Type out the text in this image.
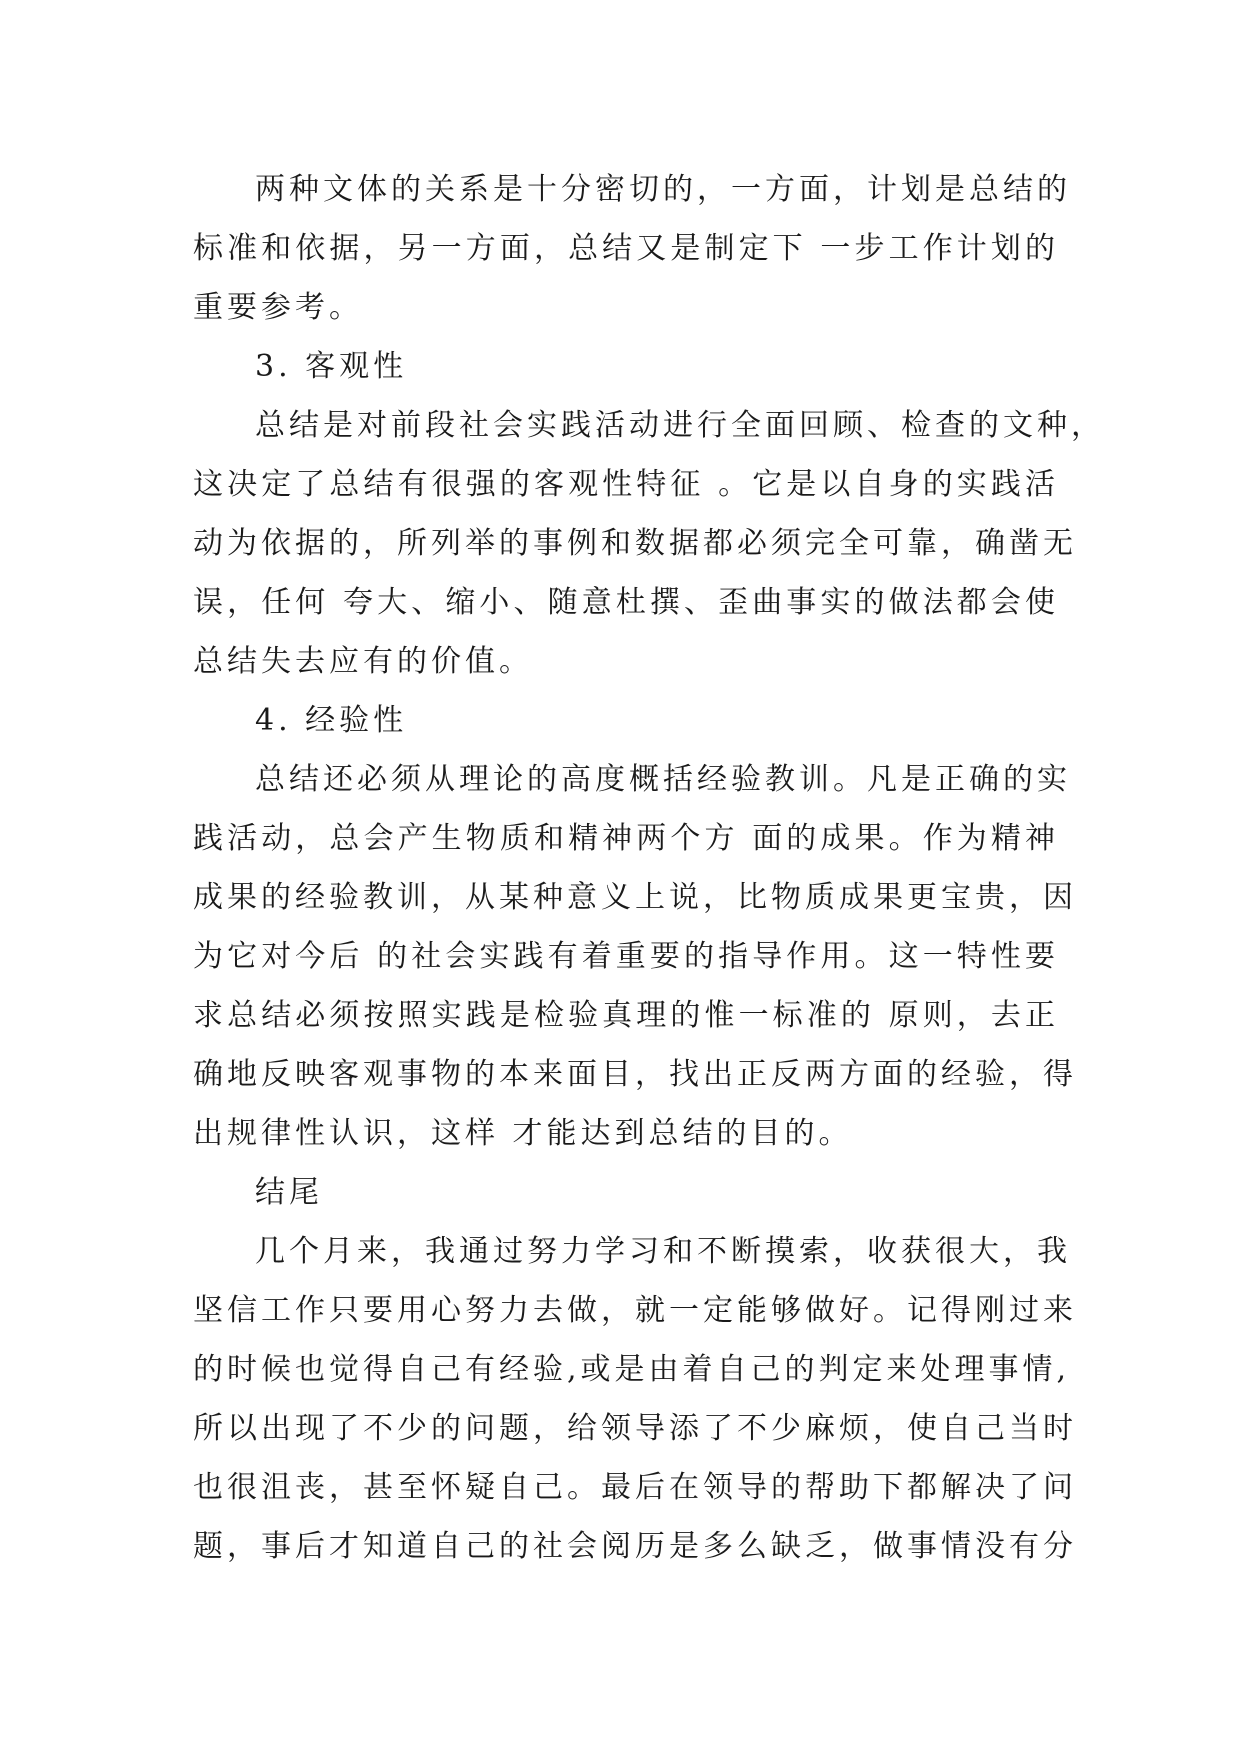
两种文体的关系是十分密切的，一方面，计划是总结的
标准和依据，另一方面，总结又是制定下 一步工作计划的
重要参考。
3. 客观性
总结是对前段社会实践活动进行全面回顾、检查的文种，
这决定了总结有很强的客观性特征 。它是以自身的实践活
动为依据的，所列举的事例和数据都必须完全可靠，确凿无
误，任何 夸大、缩小、随意杜撰、歪曲事实的做法都会使
总结失去应有的价值。
4. 经验性
总结还必须从理论的高度概括经验教训。凡是正确的实
践活动，总会产生物质和精神两个方 面的成果。作为精神
成果的经验教训，从某种意义上说，比物质成果更宝贵，因
为它对今后 的社会实践有着重要的指导作用。这一特性要
求总结必须按照实践是检验真理的惟一标准的 原则，去正
确地反映客观事物的本来面目，找出正反两方面的经验，得
出规律性认识，这样 才能达到总结的目的。
结尾
几个月来，我通过努力学习和不断摸索，收获很大，我
坚信工作只要用心努力去做，就一定能够做好。记得刚过来
的时候也觉得自己有经验,或是由着自己的判定来处理事情,
所以出现了不少的问题，给领导添了不少麻烦，使自己当时
也很沮丧，甚至怀疑自己。最后在领导的帮助下都解决了问
题，事后才知道自己的社会阅历是多么缺乏，做事情没有分
